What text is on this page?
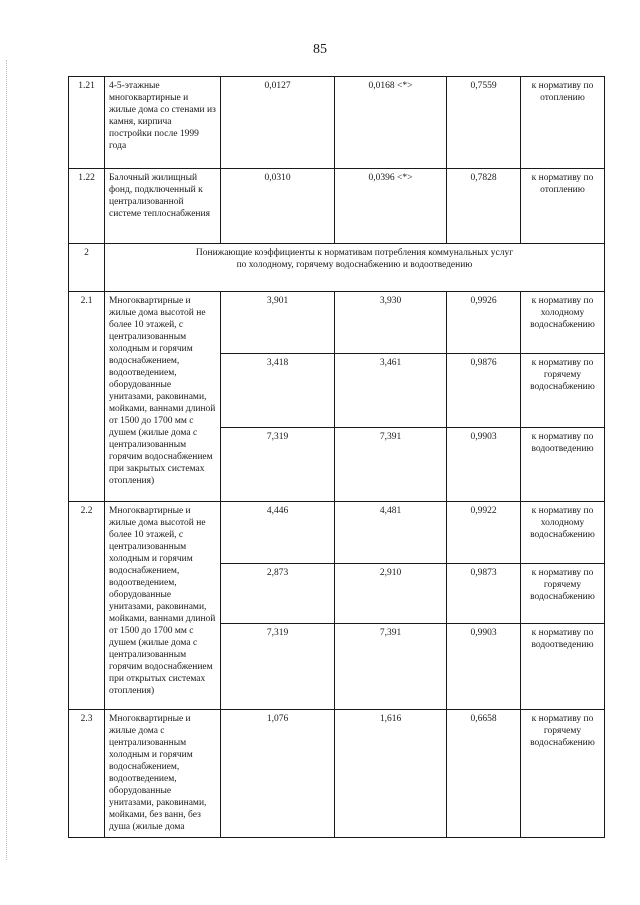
85
1.21	4-5-этажные многоквартирные и жилые дома со стенами из камня, кирпича постройки после 1999 года	0,0127	0,0168 <*>	0,7559	к нормативу по отоплению
1.22	Балочный жилищный фонд, подключенный к централизованной системе теплоснабжения	0,0310	0,0396 <*>	0,7828	к нормативу по отоплению
2	Понижающие коэффициенты к нормативам потребления коммунальных услуг
по холодному, горячему водоснабжению и водоотведению				

2.1	Многоквартирные и жилые дома высотой не более 10 этажей, с централизованным холодным и горячим водоснабжением, водоотведением, оборудованные унитазами, раковинами, мойками, ваннами длиной от 1500 до 1700 мм с душем (жилые дома с централизованным горячим водоснабжением при закрытых системах отопления)	3,901	3,930	0,9926	к нормативу по холодному водоснабжению
		3,418	3,461	0,9876	к нормативу по горячему водоснабжению
		7,319	7,391	0,9903	к нормативу по водоотведению
2.2	Многоквартирные и жилые дома высотой не более 10 этажей, с централизованным холодным и горячим водоснабжением, водоотведением, оборудованные унитазами, раковинами, мойками, ваннами длиной от 1500 до 1700 мм с душем (жилые дома с централизованным горячим водоснабжением при открытых системах отопления)	4,446	4,481	0,9922	к нормативу по холодному водоснабжению
		2,873	2,910	0,9873	к нормативу по горячему водоснабжению
		7,319	7,391	0,9903	к нормативу по водоотведению
2.3	Многоквартирные и жилые дома с централизованным холодным и горячим водоснабжением, водоотведением, оборудованные унитазами, раковинами, мойками, без ванн, без душа (жилые дома	1,076	1,616	0,6658	к нормативу по горячему водоснабжению
